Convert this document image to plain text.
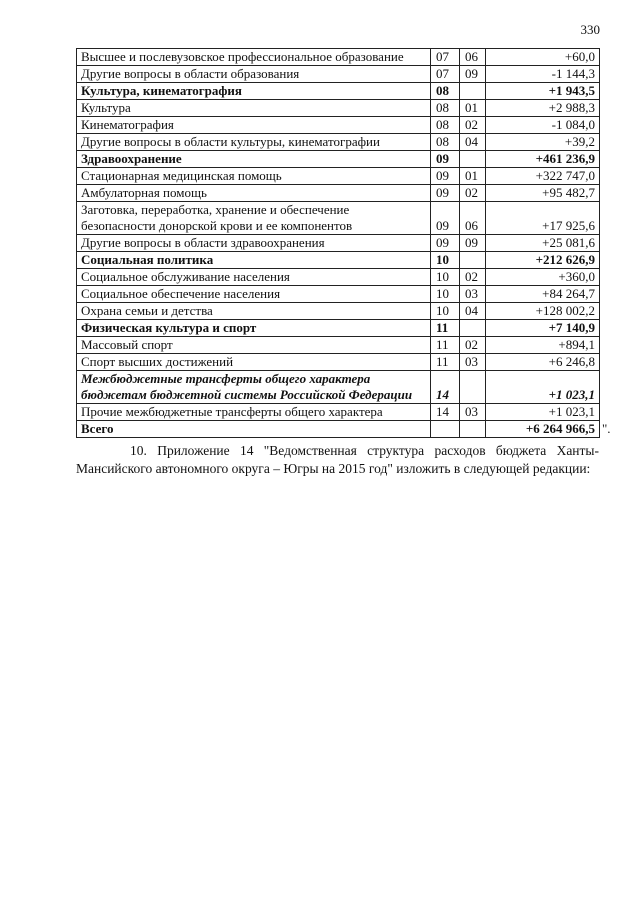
330
Высшее и послевузовское профессиональное образование	07	06	+60,0
Другие вопросы в области образования	07	09	-1 144,3
Культура, кинематография	08		+1 943,5
Культура	08	01	+2 988,3
Кинематография	08	02	-1 084,0
Другие вопросы в области культуры, кинематографии	08	04	+39,2
Здравоохранение	09		+461 236,9
Стационарная медицинская помощь	09	01	+322 747,0
Амбулаторная помощь	09	02	+95 482,7
Заготовка, переработка, хранение и обеспечение безопасности донорской крови и ее компонентов	09	06	+17 925,6
Другие вопросы в области здравоохранения	09	09	+25 081,6
Социальная политика	10		+212 626,9
Социальное обслуживание населения	10	02	+360,0
Социальное обеспечение населения	10	03	+84 264,7
Охрана семьи и детства	10	04	+128 002,2
Физическая культура и спорт	11		+7 140,9
Массовый спорт	11	02	+894,1
Спорт высших достижений	11	03	+6 246,8
Межбюджетные трансферты общего характера бюджетам бюджетной системы Российской Федерации	14		+1 023,1
Прочие межбюджетные трансферты общего характера	14	03	+1 023,1
Всего			+6 264 966,5 ".

10. Приложение 14 "Ведомственная структура расходов бюджета Ханты-Мансийского автономного округа – Югры на 2015 год" изложить в следующей редакции:
